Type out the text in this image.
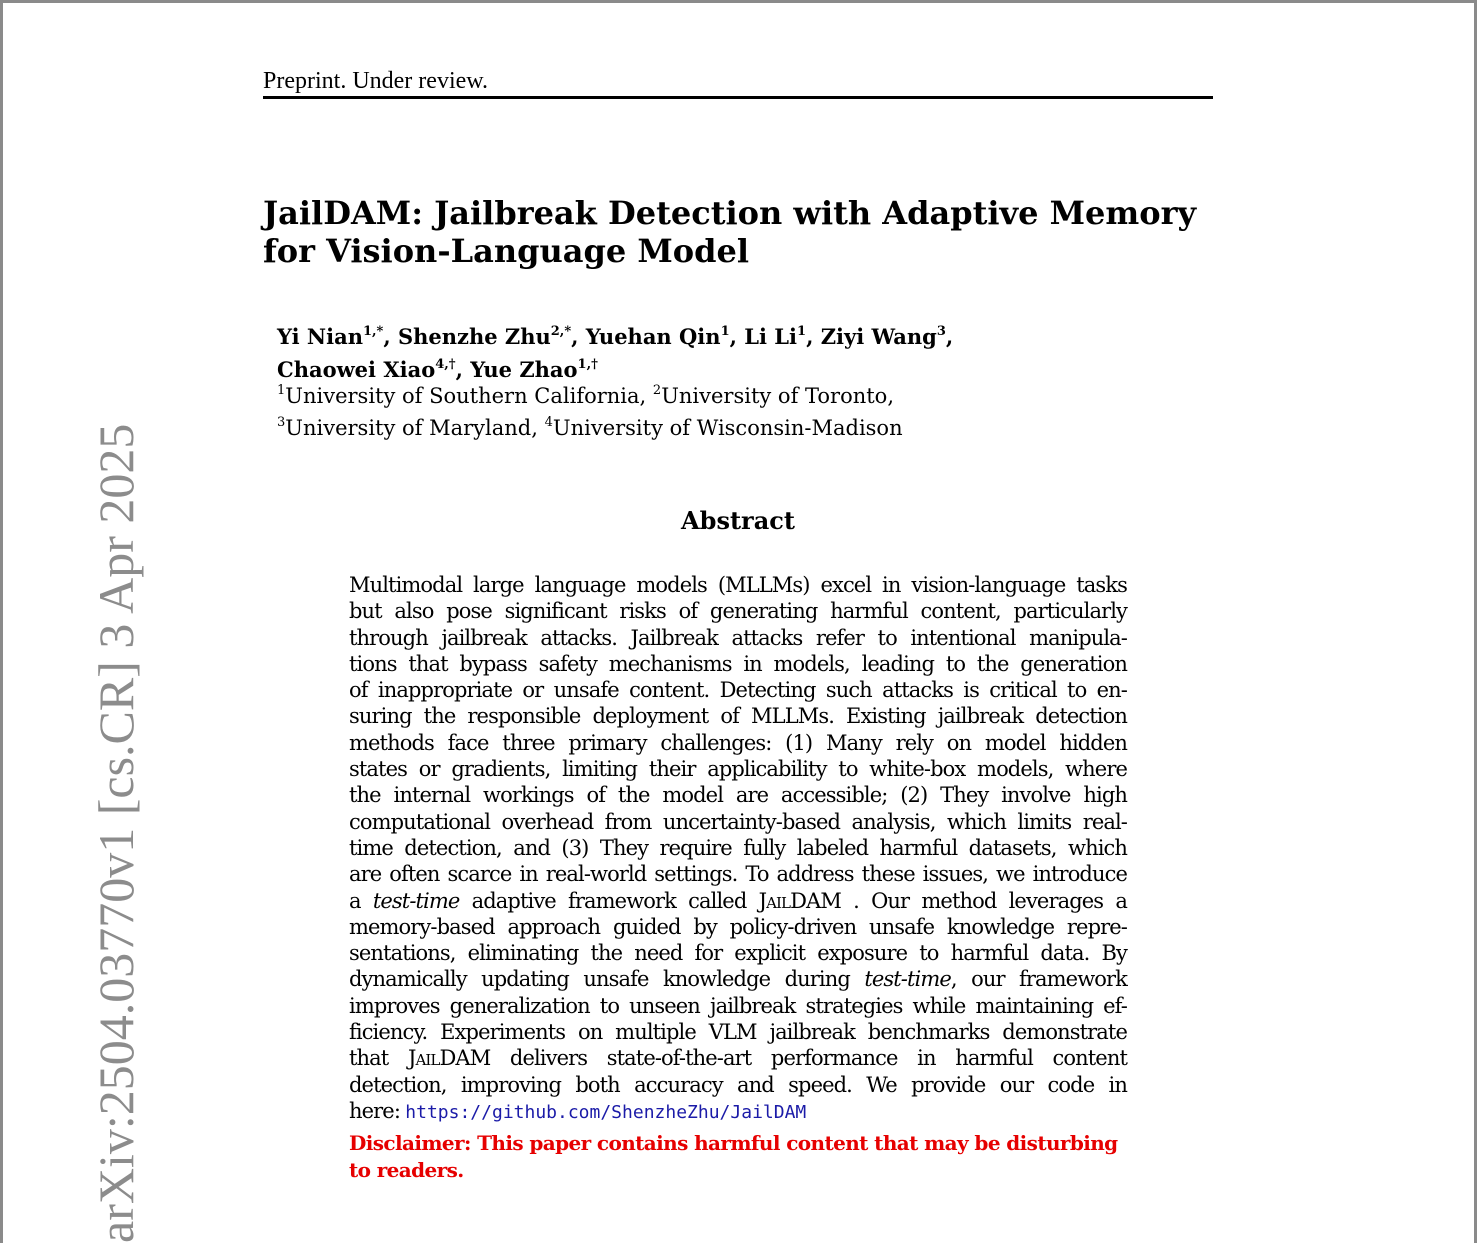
Preprint. Under review.
JailDAM: Jailbreak Detection with Adaptive Memory
for Vision-Language Model
Yi Nian$^{1,*}$, Shenzhe Zhu$^{2,*}$, Yuehan Qin$^1$, Li Li$^1$, Ziyi Wang$^3$,
Chaowei Xiao$^{4,\dagger}$, Yue Zhao$^{1,\dagger}$
$^1$University of Southern California, $^2$University of Toronto,
$^3$University of Maryland, $^4$University of Wisconsin-Madison
Abstract
Multimodal large language models (MLLMs) excel in vision-language tasks
but also pose significant risks of generating harmful content, particularly
through jailbreak attacks. Jailbreak attacks refer to intentional manipula-
tions that bypass safety mechanisms in models, leading to the generation
of inappropriate or unsafe content. Detecting such attacks is critical to en-
suring the responsible deployment of MLLMs. Existing jailbreak detection
methods face three primary challenges: (1) Many rely on model hidden
states or gradients, limiting their applicability to white-box models, where
the internal workings of the model are accessible; (2) They involve high
computational overhead from uncertainty-based analysis, which limits real-
time detection, and (3) They require fully labeled harmful datasets, which
are often scarce in real-world settings. To address these issues, we introduce
a test-time adaptive framework called JailDAM . Our method leverages a
memory-based approach guided by policy-driven unsafe knowledge repre-
sentations, eliminating the need for explicit exposure to harmful data. By
dynamically updating unsafe knowledge during test-time, our framework
improves generalization to unseen jailbreak strategies while maintaining ef-
ficiency. Experiments on multiple VLM jailbreak benchmarks demonstrate
that JailDAM delivers state-of-the-art performance in harmful content
detection, improving both accuracy and speed. We provide our code in
here: https://github.com/ShenzheZhu/JailDAM
Disclaimer: This paper contains harmful content that may be disturbing
to readers.
arXiv:2504.03770v1 [cs.CR] 3 Apr 2025
